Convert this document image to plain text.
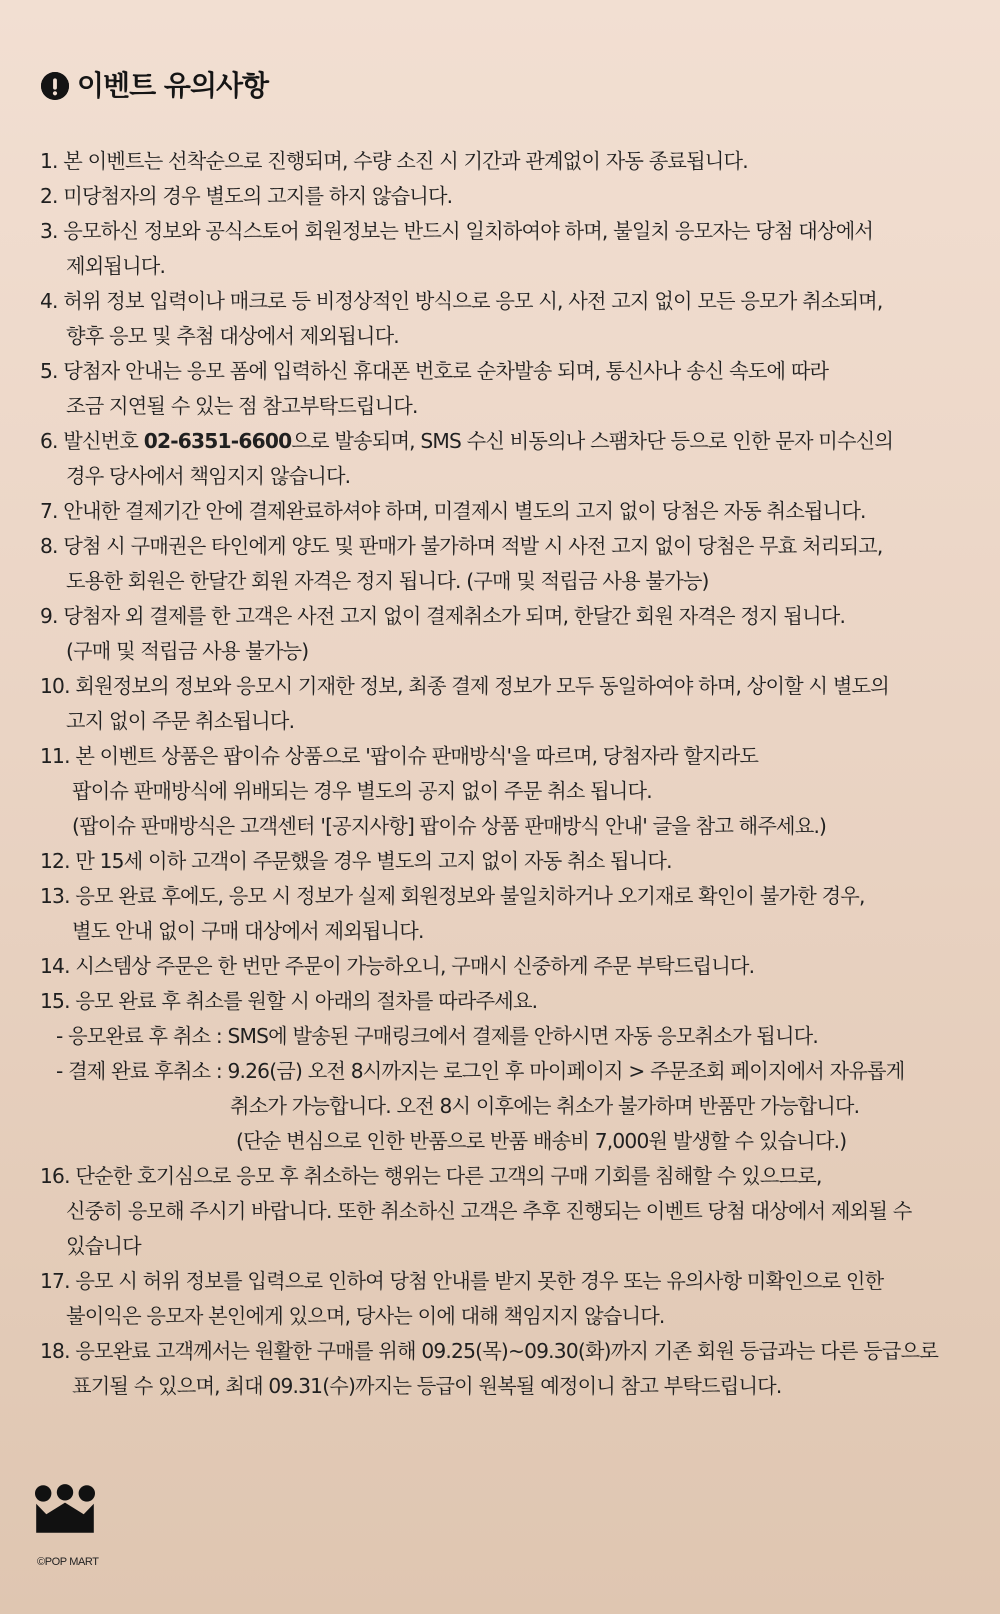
이벤트 유의사항
1. 본 이벤트는 선착순으로 진행되며, 수량 소진 시 기간과 관계없이 자동 종료됩니다.
2. 미당첨자의 경우 별도의 고지를 하지 않습니다.
3. 응모하신 정보와 공식스토어 회원정보는 반드시 일치하여야 하며, 불일치 응모자는 당첨 대상에서
제외됩니다.
4. 허위 정보 입력이나 매크로 등 비정상적인 방식으로 응모 시, 사전 고지 없이 모든 응모가 취소되며,
향후 응모 및 추첨 대상에서 제외됩니다.
5. 당첨자 안내는 응모 폼에 입력하신 휴대폰 번호로 순차발송 되며, 통신사나 송신 속도에 따라
조금 지연될 수 있는 점 참고부탁드립니다.
6. 발신번호 02-6351-6600으로 발송되며, SMS 수신 비동의나 스팸차단 등으로 인한 문자 미수신의
경우 당사에서 책임지지 않습니다.
7. 안내한 결제기간 안에 결제완료하셔야 하며, 미결제시 별도의 고지 없이 당첨은 자동 취소됩니다.
8. 당첨 시 구매권은 타인에게 양도 및 판매가 불가하며 적발 시 사전 고지 없이 당첨은 무효 처리되고,
도용한 회원은 한달간 회원 자격은 정지 됩니다. (구매 및 적립금 사용 불가능)
9. 당첨자 외 결제를 한 고객은 사전 고지 없이 결제취소가 되며, 한달간 회원 자격은 정지 됩니다.
(구매 및 적립금 사용 불가능)
10. 회원정보의 정보와 응모시 기재한 정보, 최종 결제 정보가 모두 동일하여야 하며, 상이할 시 별도의
고지 없이 주문 취소됩니다.
11. 본 이벤트 상품은 팝이슈 상품으로 '팝이슈 판매방식'을 따르며, 당첨자라 할지라도
팝이슈 판매방식에 위배되는 경우 별도의 공지 없이 주문 취소 됩니다.
(팝이슈 판매방식은 고객센터 '[공지사항] 팝이슈 상품 판매방식 안내' 글을 참고 해주세요.)
12. 만 15세 이하 고객이 주문했을 경우 별도의 고지 없이 자동 취소 됩니다.
13. 응모 완료 후에도, 응모 시 정보가 실제 회원정보와 불일치하거나 오기재로 확인이 불가한 경우,
별도 안내 없이 구매 대상에서 제외됩니다.
14. 시스템상 주문은 한 번만 주문이 가능하오니, 구매시 신중하게 주문 부탁드립니다.
15. 응모 완료 후 취소를 원할 시 아래의 절차를 따라주세요.
- 응모완료 후 취소 : SMS에 발송된 구매링크에서 결제를 안하시면 자동 응모취소가 됩니다.
- 결제 완료 후취소 : 9.26(금) 오전 8시까지는 로그인 후 마이페이지 > 주문조회 페이지에서 자유롭게
취소가 가능합니다. 오전 8시 이후에는 취소가 불가하며 반품만 가능합니다.
(단순 변심으로 인한 반품으로 반품 배송비 7,000원 발생할 수 있습니다.)
16. 단순한 호기심으로 응모 후 취소하는 행위는 다른 고객의 구매 기회를 침해할 수 있으므로,
신중히 응모해 주시기 바랍니다. 또한 취소하신 고객은 추후 진행되는 이벤트 당첨 대상에서 제외될 수
있습니다
17. 응모 시 허위 정보를 입력으로 인하여 당첨 안내를 받지 못한 경우 또는 유의사항 미확인으로 인한
불이익은 응모자 본인에게 있으며, 당사는 이에 대해 책임지지 않습니다.
18. 응모완료 고객께서는 원활한 구매를 위해 09.25(목)~09.30(화)까지 기존 회원 등급과는 다른 등급으로
표기될 수 있으며, 최대 09.31(수)까지는 등급이 원복될 예정이니 참고 부탁드립니다.
©POP MART
